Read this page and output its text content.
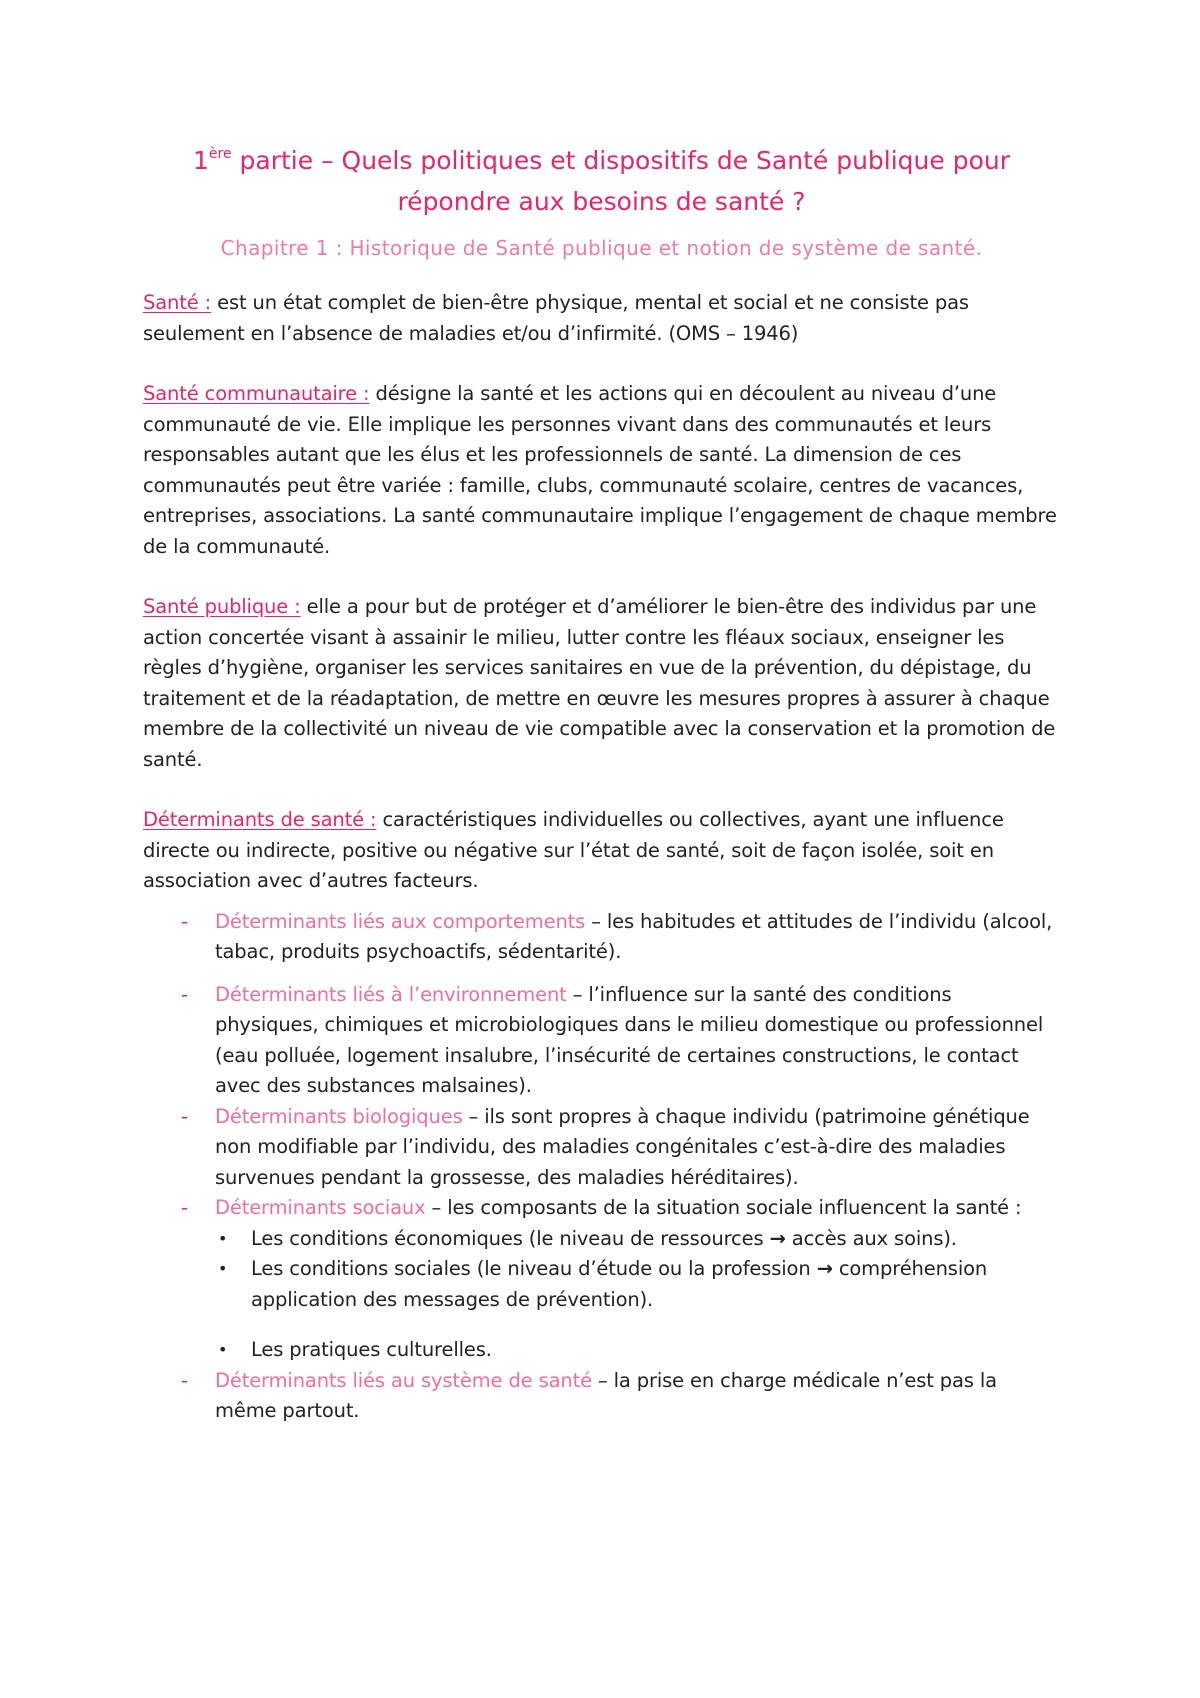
1ère partie – Quels politiques et dispositifs de Santé publique pour répondre aux besoins de santé ?
Chapitre 1 : Historique de Santé publique et notion de système de santé.

Santé : est un état complet de bien-être physique, mental et social et ne consiste pas seulement en l’absence de maladies et/ou d’infirmité. (OMS – 1946)

Santé communautaire : désigne la santé et les actions qui en découlent au niveau d’une communauté de vie. Elle implique les personnes vivant dans des communautés et leurs responsables autant que les élus et les professionnels de santé. La dimension de ces communautés peut être variée : famille, clubs, communauté scolaire, centres de vacances, entreprises, associations. La santé communautaire implique l’engagement de chaque membre de la communauté.

Santé publique : elle a pour but de protéger et d’améliorer le bien-être des individus par une action concertée visant à assainir le milieu, lutter contre les fléaux sociaux, enseigner les règles d’hygiène, organiser les services sanitaires en vue de la prévention, du dépistage, du traitement et de la réadaptation, de mettre en œuvre les mesures propres à assurer à chaque membre de la collectivité un niveau de vie compatible avec la conservation et la promotion de santé.

Déterminants de santé : caractéristiques individuelles ou collectives, ayant une influence directe ou indirecte, positive ou négative sur l’état de santé, soit de façon isolée, soit en association avec d’autres facteurs.

- Déterminants liés aux comportements – les habitudes et attitudes de l’individu (alcool, tabac, produits psychoactifs, sédentarité).
- Déterminants liés à l’environnement – l’influence sur la santé des conditions physiques, chimiques et microbiologiques dans le milieu domestique ou professionnel (eau polluée, logement insalubre, l’insécurité de certaines constructions, le contact avec des substances malsaines).
- Déterminants biologiques – ils sont propres à chaque individu (patrimoine génétique non modifiable par l’individu, des maladies congénitales c’est-à-dire des maladies survenues pendant la grossesse, des maladies héréditaires).
- Déterminants sociaux – les composants de la situation sociale influencent la santé :
• Les conditions économiques (le niveau de ressources → accès aux soins).
• Les conditions sociales (le niveau d’étude ou la profession → compréhension application des messages de prévention).
• Les pratiques culturelles.
- Déterminants liés au système de santé – la prise en charge médicale n’est pas la même partout.
